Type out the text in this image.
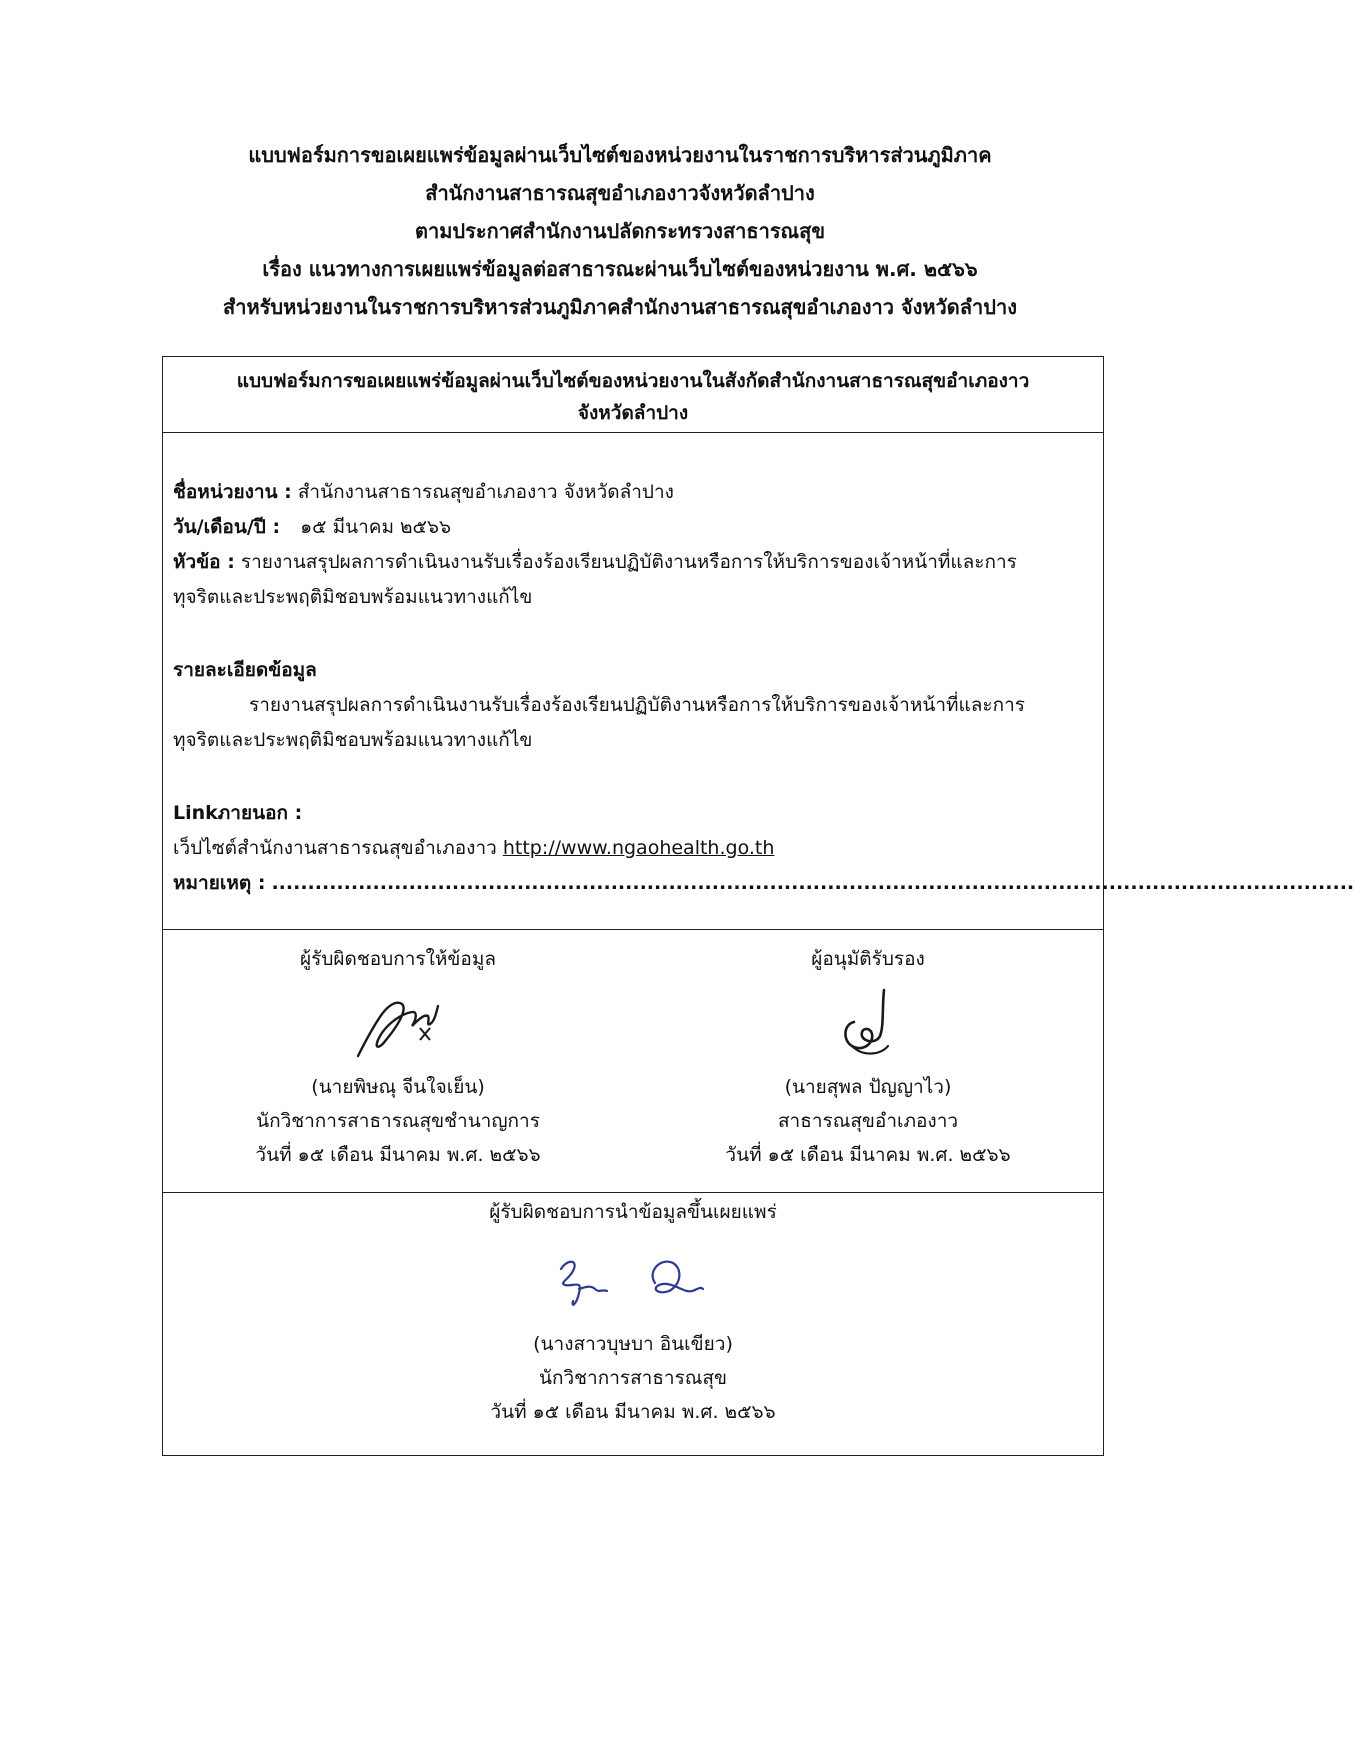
แบบฟอร์มการขอเผยแพร่ข้อมูลผ่านเว็บไซต์ของหน่วยงานในราชการบริหารส่วนภูมิภาค
สำนักงานสาธารณสุขอำเภองาวจังหวัดลำปาง
ตามประกาศสำนักงานปลัดกระทรวงสาธารณสุข
เรื่อง แนวทางการเผยแพร่ข้อมูลต่อสาธารณะผ่านเว็บไซต์ของหน่วยงาน พ.ศ. ๒๕๖๖
สำหรับหน่วยงานในราชการบริหารส่วนภูมิภาคสำนักงานสาธารณสุขอำเภองาว จังหวัดลำปาง
แบบฟอร์มการขอเผยแพร่ข้อมูลผ่านเว็บไซต์ของหน่วยงานในสังกัดสำนักงานสาธารณสุขอำเภองาว
จังหวัดลำปาง
ชื่อหน่วยงาน : สำนักงานสาธารณสุขอำเภองาว จังหวัดลำปาง
วัน/เดือน/ปี : ๑๕ มีนาคม ๒๕๖๖
หัวข้อ : รายงานสรุปผลการดำเนินงานรับเรื่องร้องเรียนปฏิบัติงานหรือการให้บริการของเจ้าหน้าที่และการ
ทุจริตและประพฤติมิชอบพร้อมแนวทางแก้ไข
รายละเอียดข้อมูล
รายงานสรุปผลการดำเนินงานรับเรื่องร้องเรียนปฏิบัติงานหรือการให้บริการของเจ้าหน้าที่และการ
ทุจริตและประพฤติมิชอบพร้อมแนวทางแก้ไข
Linkภายนอก :
เว็ปไซต์สำนักงานสาธารณสุขอำเภองาว http://www.ngaohealth.go.th
หมายเหตุ : ......................................................................................................................................................
ผู้รับผิดชอบการให้ข้อมูล
(นายพิษณุ จีนใจเย็น)
นักวิชาการสาธารณสุขชำนาญการ
วันที่ ๑๕ เดือน มีนาคม พ.ศ. ๒๕๖๖
ผู้อนุมัติรับรอง
(นายสุพล ปัญญาไว)
สาธารณสุขอำเภองาว
วันที่ ๑๕ เดือน มีนาคม พ.ศ. ๒๕๖๖
ผู้รับผิดชอบการนำข้อมูลขึ้นเผยแพร่
(นางสาวบุษบา อินเขียว)
นักวิชาการสาธารณสุข
วันที่ ๑๕ เดือน มีนาคม พ.ศ. ๒๕๖๖
